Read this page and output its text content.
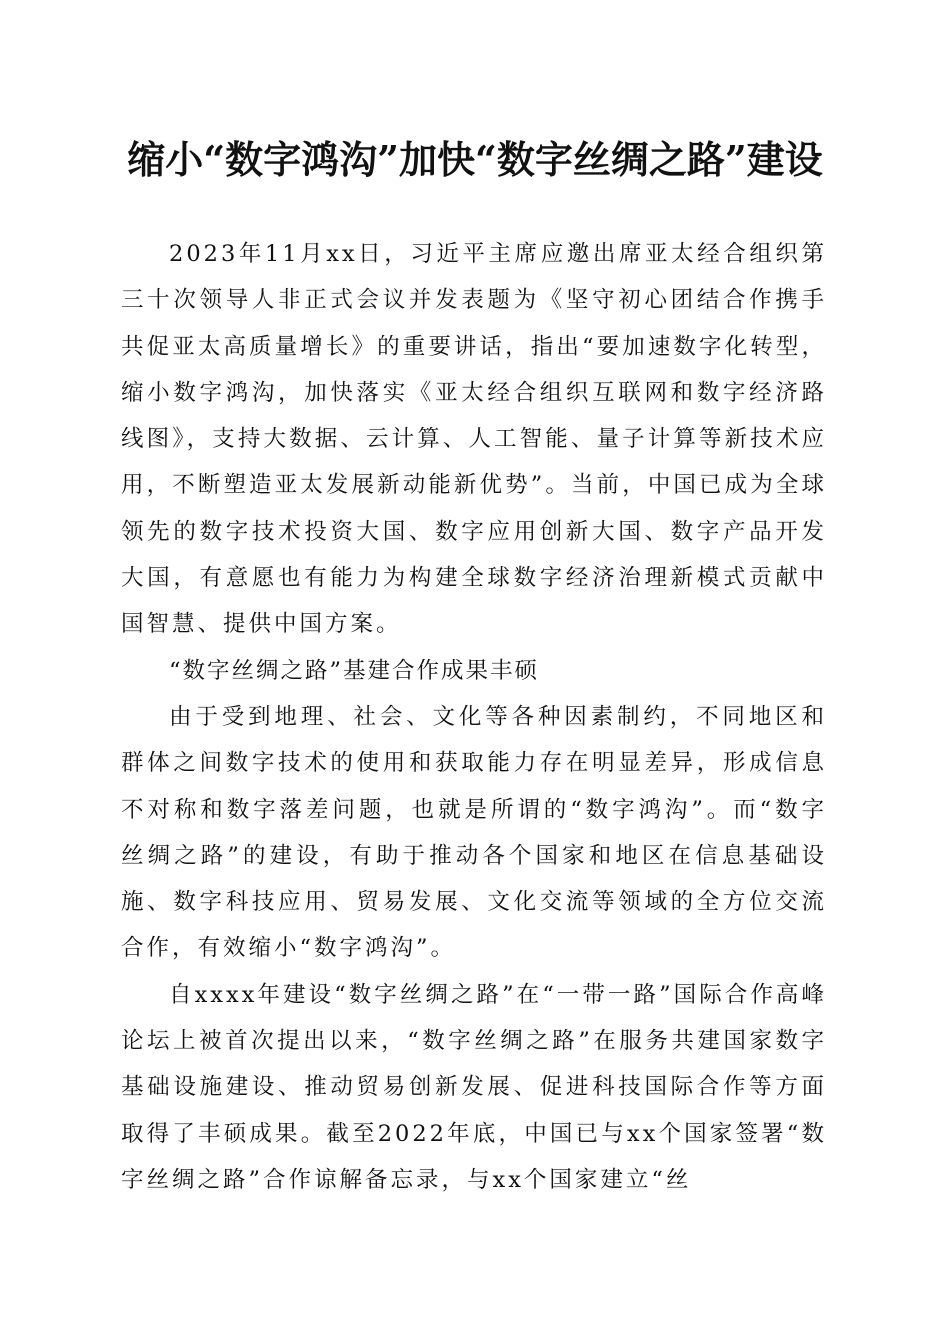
缩小“数字鸿沟”加快“数字丝绸之路”建设

2023年11月xx日，习近平主席应邀出席亚太经合组织第三十次领导人非正式会议并发表题为《坚守初心团结合作携手共促亚太高质量增长》的重要讲话，指出“要加速数字化转型，缩小数字鸿沟，加快落实《亚太经合组织互联网和数字经济路线图》，支持大数据、云计算、人工智能、量子计算等新技术应用，不断塑造亚太发展新动能新优势”。当前，中国已成为全球领先的数字技术投资大国、数字应用创新大国、数字产品开发大国，有意愿也有能力为构建全球数字经济治理新模式贡献中国智慧、提供中国方案。

“数字丝绸之路”基建合作成果丰硕

由于受到地理、社会、文化等各种因素制约，不同地区和群体之间数字技术的使用和获取能力存在明显差异，形成信息不对称和数字落差问题，也就是所谓的“数字鸿沟”。而“数字丝绸之路”的建设，有助于推动各个国家和地区在信息基础设施、数字科技应用、贸易发展、文化交流等领域的全方位交流合作，有效缩小“数字鸿沟”。

自xxxx年建设“数字丝绸之路”在“一带一路”国际合作高峰论坛上被首次提出以来，“数字丝绸之路”在服务共建国家数字基础设施建设、推动贸易创新发展、促进科技国际合作等方面取得了丰硕成果。截至2022年底，中国已与xx个国家签署“数字丝绸之路”合作谅解备忘录，与xx个国家建立“丝
